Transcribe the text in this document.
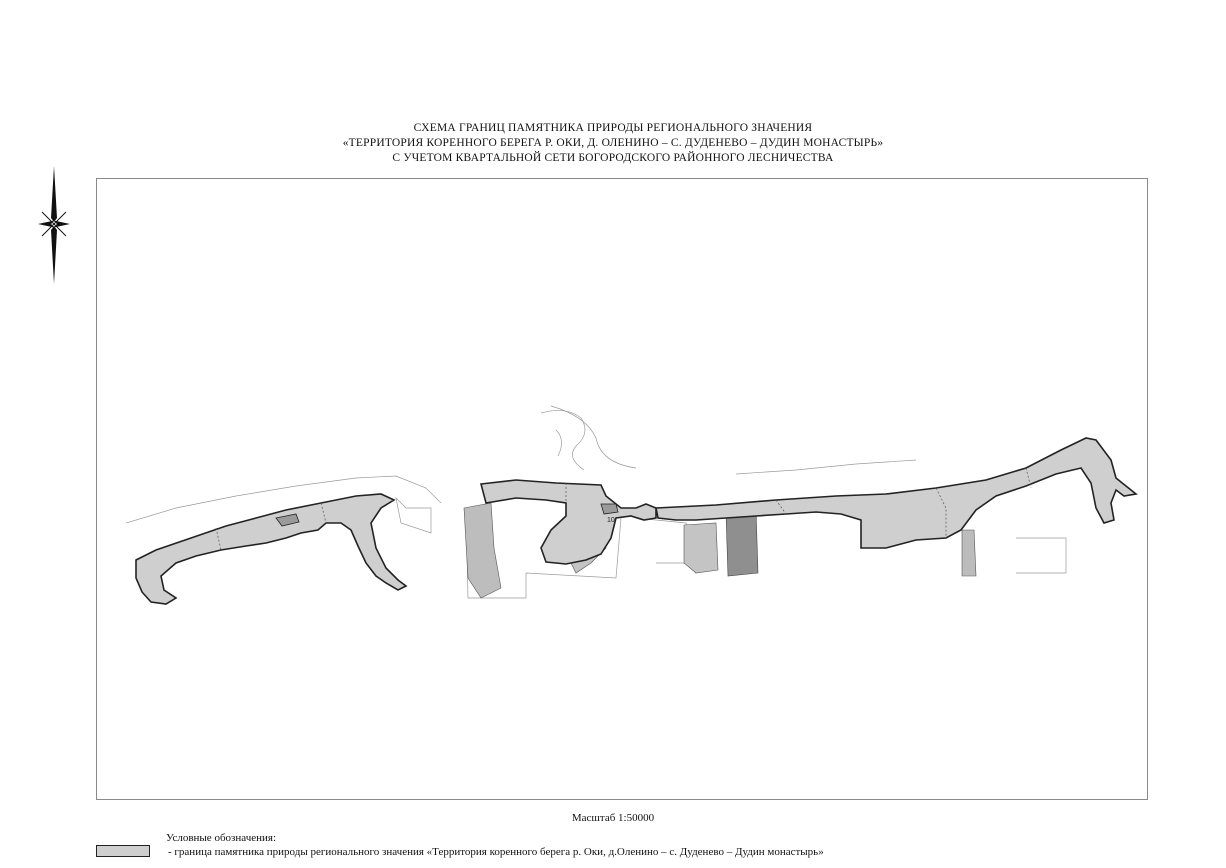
СХЕМА ГРАНИЦ ПАМЯТНИКА ПРИРОДЫ РЕГИОНАЛЬНОГО ЗНАЧЕНИЯ
«ТЕРРИТОРИЯ КОРЕННОГО БЕРЕГА Р. ОКИ, Д. ОЛЕНИНО – С. ДУДЕНЕВО – ДУДИН МОНАСТЫРЬ»
С УЧЕТОМ КВАРТАЛЬНОЙ СЕТИ БОГОРОДСКОГО РАЙОННОГО ЛЕСНИЧЕСТВА
10
Масштаб 1:50000
Условные обозначения:
- граница памятника природы регионального значения «Территория коренного берега р. Оки, д.Оленино – с. Дуденево – Дудин монастырь»
